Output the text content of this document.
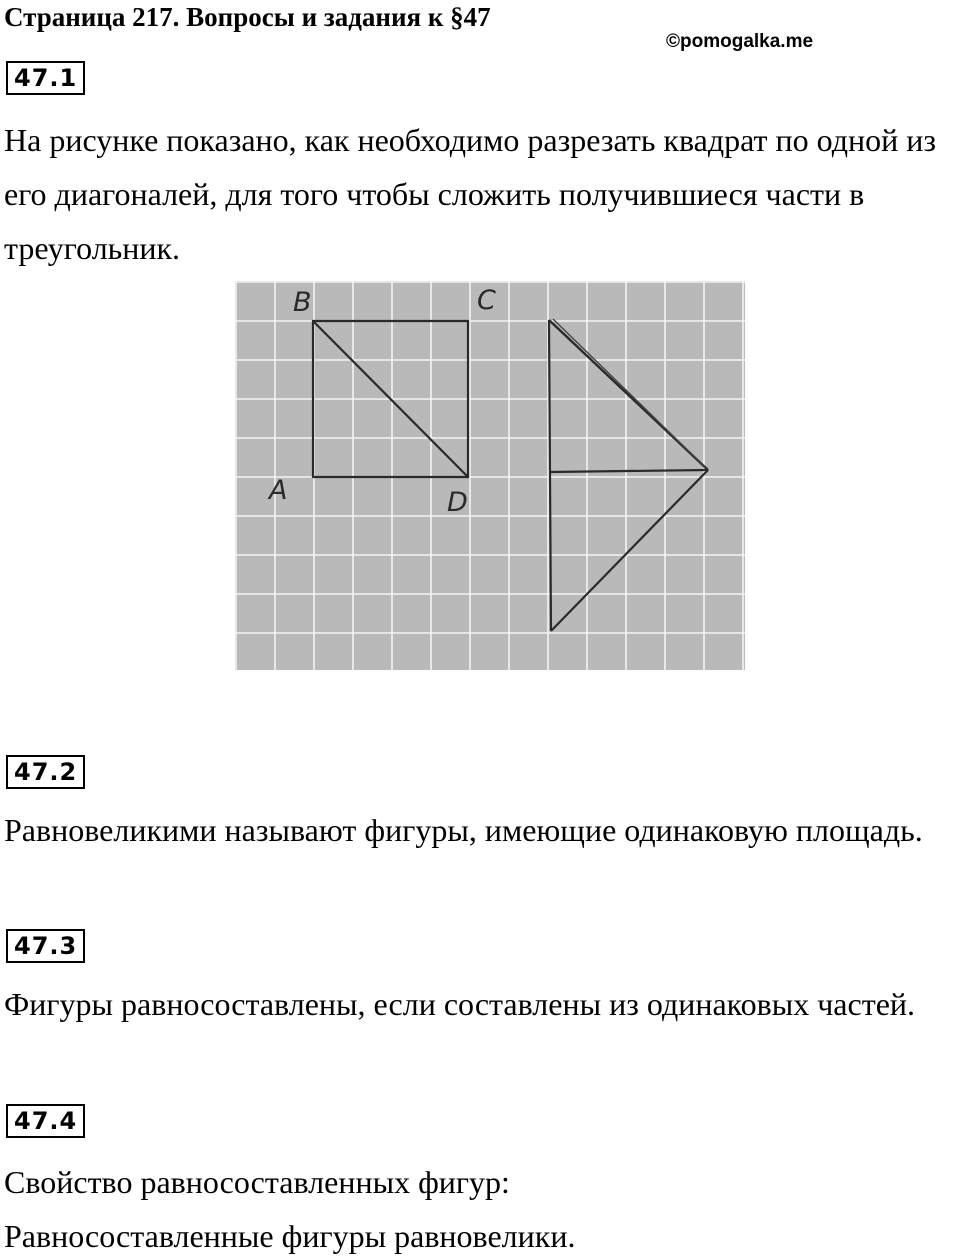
Страница 217. Вопросы и задания к §47
©pomogalka.me
47.1
На рисунке показано, как необходимо разрезать квадрат по одной из его диагоналей, для того чтобы сложить получившиеся части в треугольник.
B	C
A	D
47.2
Равновеликими называют фигуры, имеющие одинаковую площадь.
47.3
Фигуры равносоставлены, если составлены из одинаковых частей.
47.4
Свойство равносоставленных фигур:
Равносоставленные фигуры равновелики.
